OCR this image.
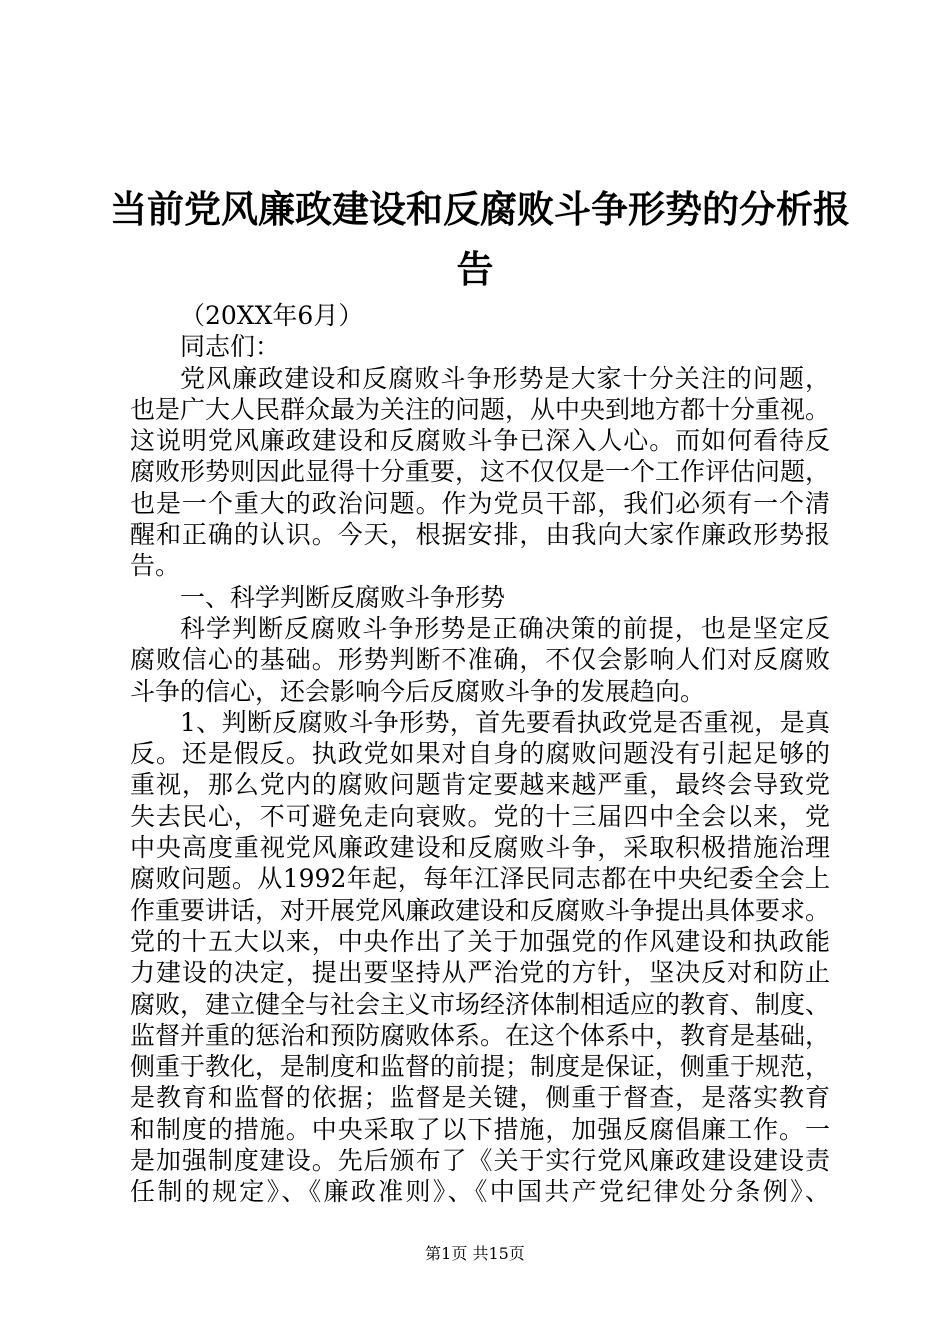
当前党风廉政建设和反腐败斗争形势的分析报
告
（20XX年6月）
同志们：
党风廉政建设和反腐败斗争形势是大家十分关注的问题，
也是广大人民群众最为关注的问题，从中央到地方都十分重视。
这说明党风廉政建设和反腐败斗争已深入人心。而如何看待反
腐败形势则因此显得十分重要，这不仅仅是一个工作评估问题，
也是一个重大的政治问题。作为党员干部，我们必须有一个清
醒和正确的认识。今天，根据安排，由我向大家作廉政形势报
告。
一、科学判断反腐败斗争形势
科学判断反腐败斗争形势是正确决策的前提，也是坚定反
腐败信心的基础。形势判断不准确，不仅会影响人们对反腐败
斗争的信心，还会影响今后反腐败斗争的发展趋向。
1、判断反腐败斗争形势，首先要看执政党是否重视，是真
反。还是假反。执政党如果对自身的腐败问题没有引起足够的
重视，那么党内的腐败问题肯定要越来越严重，最终会导致党
失去民心，不可避免走向衰败。党的十三届四中全会以来，党
中央高度重视党风廉政建设和反腐败斗争，采取积极措施治理
腐败问题。从1992年起，每年江泽民同志都在中央纪委全会上
作重要讲话，对开展党风廉政建设和反腐败斗争提出具体要求。
党的十五大以来，中央作出了关于加强党的作风建设和执政能
力建设的决定，提出要坚持从严治党的方针，坚决反对和防止
腐败，建立健全与社会主义市场经济体制相适应的教育、制度、
监督并重的惩治和预防腐败体系。在这个体系中，教育是基础，
侧重于教化，是制度和监督的前提；制度是保证，侧重于规范，
是教育和监督的依据；监督是关键，侧重于督查，是落实教育
和制度的措施。中央采取了以下措施，加强反腐倡廉工作。一
是加强制度建设。先后颁布了《关于实行党风廉政建设建设责
任制的规定》、《廉政准则》、《中国共产党纪律处分条例》、
第1页 共15页
